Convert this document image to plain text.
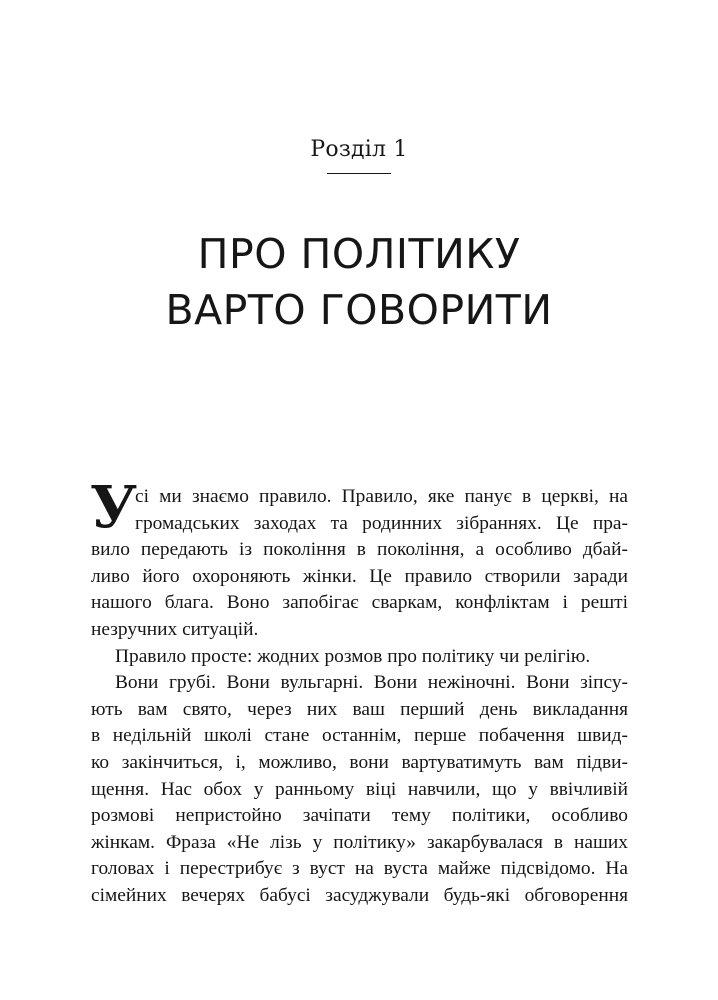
Розділ 1
ПРО ПОЛІТИКУ
ВАРТО ГОВОРИТИ
У
сі ми знаємо правило. Правило, яке панує в церкві, на
громадських заходах та родинних зібраннях. Це пра-
вило передають із покоління в покоління, а особливо дбай-
ливо його охороняють жінки. Це правило створили заради
нашого блага. Воно запобігає сваркам, конфліктам і решті
незручних ситуацій.
Правило просте: жодних розмов про політику чи релігію.
Вони грубі. Вони вульгарні. Вони нежіночні. Вони зіпсу-
ють вам свято, через них ваш перший день викладання
в недільній школі стане останнім, перше побачення швид-
ко закінчиться, і, можливо, вони вартуватимуть вам підви-
щення. Нас обох у ранньому віці навчили, що у ввічливій
розмові непристойно зачіпати тему політики, особливо
жінкам. Фраза «Не лізь у політику» закарбувалася в наших
головах і перестрибує з вуст на вуста майже підсвідомо. На
сімейних вечерях бабусі засуджували будь-які обговорення
